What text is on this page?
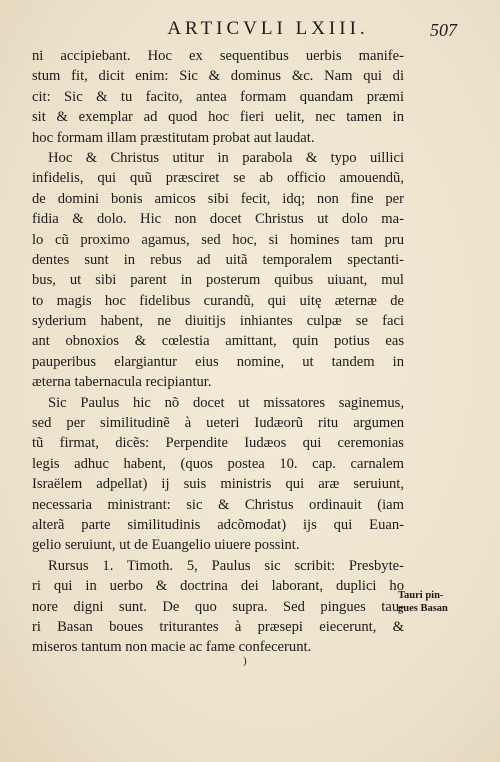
ARTICVLI LXIII.	507
ni accipiebant. Hoc ex sequentibus uerbis manife-
stum fit, dicit enim: Sic & dominus &c. Nam qui di
cit: Sic & tu facito, antea formam quandam præmi
sit & exemplar ad quod hoc fieri uelit, nec tamen in
hoc formam illam præstitutam probat aut laudat.
Hoc & Christus utitur in parabola & typo uillici
infidelis, qui quũ præsciret se ab officio amouendũ,
de domini bonis amicos sibi fecit, idq; non fine per
fidia & dolo. Hic non docet Christus ut dolo ma-
lo cũ proximo agamus, sed hoc, si homines tam pru
dentes sunt in rebus ad uitã temporalem spectanti-
bus, ut sibi parent in posterum quibus uiuant, mul
to magis hoc fidelibus curandũ, qui uitę æternæ de
syderium habent, ne diuitijs inhiantes culpæ se faci
ant obnoxios & cœlestia amittant, quin potius eas
pauperibus elargiantur eius nomine, ut tandem in
æterna tabernacula recipiantur.
Sic Paulus hic nõ docet ut missatores saginemus,
sed per similitudinẽ à ueteri Iudæorũ ritu argumen
tũ firmat, dicẽs: Perpendite Iudæos qui ceremonias
legis adhuc habent, (quos postea 10. cap. carnalem
Israëlem adpellat) ij suis ministris qui aræ seruiunt,
necessaria ministrant: sic & Christus ordinauit (iam
alterã parte similitudinis adcõmodat) ijs qui Euan-
gelio seruiunt, ut de Euangelio uiuere possint.
Rursus 1. Timoth. 5, Paulus sic scribit: Presbyte-
ri qui in uerbo & doctrina dei laborant, duplici ho
nore digni sunt. De quo supra. Sed pingues tau-
ri Basan boues triturantes à præsepi eiecerunt, &
miseros tantum non macie ac fame confecerunt.
Tauri pin-
gues Basan
)
